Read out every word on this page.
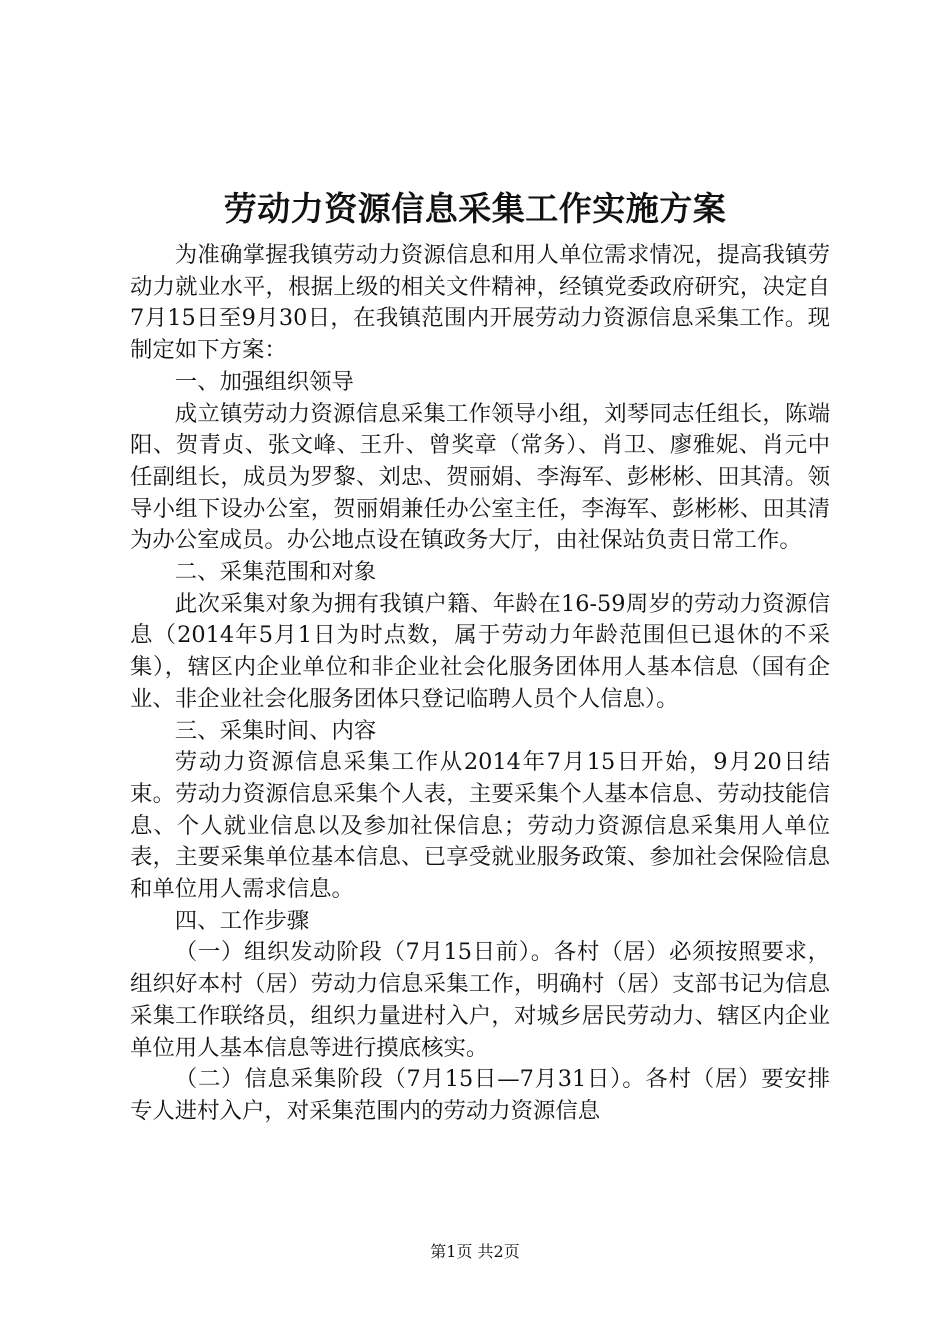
劳动力资源信息采集工作实施方案

为准确掌握我镇劳动力资源信息和用人单位需求情况，提高我镇劳动力就业水平，根据上级的相关文件精神，经镇党委政府研究，决定自7月15日至9月30日，在我镇范围内开展劳动力资源信息采集工作。现制定如下方案：

一、加强组织领导

成立镇劳动力资源信息采集工作领导小组，刘琴同志任组长，陈端阳、贺青贞、张文峰、王升、曾奖章（常务）、肖卫、廖雅妮、肖元中任副组长，成员为罗黎、刘忠、贺丽娟、李海军、彭彬彬、田其清。领导小组下设办公室，贺丽娟兼任办公室主任，李海军、彭彬彬、田其清为办公室成员。办公地点设在镇政务大厅，由社保站负责日常工作。

二、采集范围和对象

此次采集对象为拥有我镇户籍、年龄在16-59周岁的劳动力资源信息（2014年5月1日为时点数，属于劳动力年龄范围但已退休的不采集），辖区内企业单位和非企业社会化服务团体用人基本信息（国有企业、非企业社会化服务团体只登记临聘人员个人信息）。

三、采集时间、内容

劳动力资源信息采集工作从2014年7月15日开始，9月20日结束。劳动力资源信息采集个人表，主要采集个人基本信息、劳动技能信息、个人就业信息以及参加社保信息；劳动力资源信息采集用人单位表，主要采集单位基本信息、已享受就业服务政策、参加社会保险信息和单位用人需求信息。

四、工作步骤

（一）组织发动阶段（7月15日前）。各村（居）必须按照要求，组织好本村（居）劳动力信息采集工作，明确村（居）支部书记为信息采集工作联络员，组织力量进村入户，对城乡居民劳动力、辖区内企业单位用人基本信息等进行摸底核实。

（二）信息采集阶段（7月15日—7月31日）。各村（居）要安排专人进村入户，对采集范围内的劳动力资源信息

第1页 共2页
